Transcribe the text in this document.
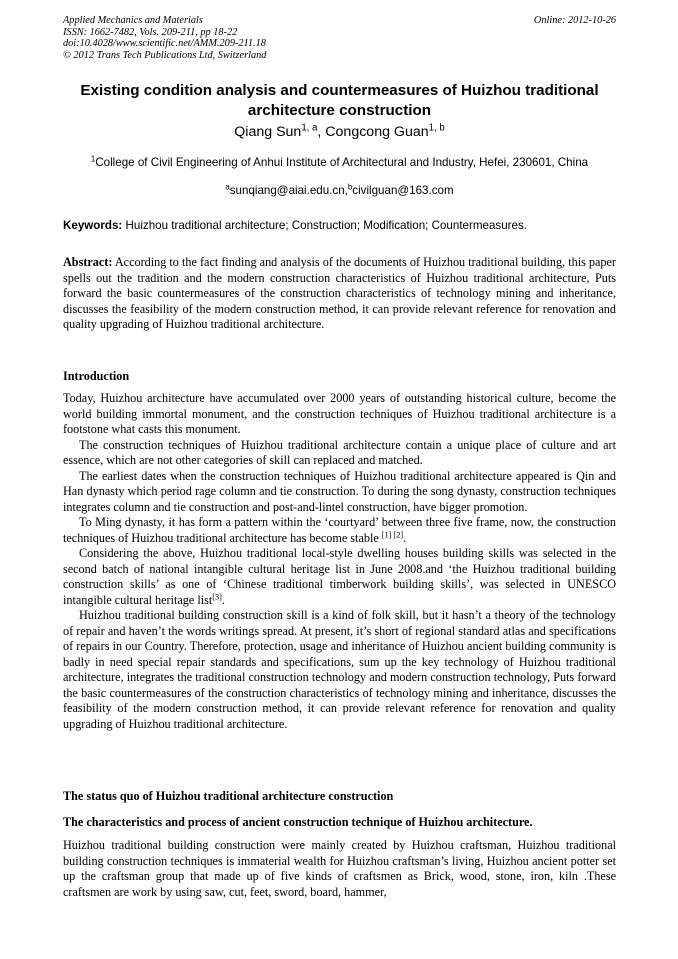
Applied Mechanics and Materials
ISSN: 1662-7482, Vols. 209-211, pp 18-22
doi:10.4028/www.scientific.net/AMM.209-211.18
© 2012 Trans Tech Publications Ltd, Switzerland
Online: 2012-10-26
Existing condition analysis and countermeasures of Huizhou traditional architecture construction
Qiang Sun$^{1, a}$, Congcong Guan$^{1, b}$
$^1$College of Civil Engineering of Anhui Institute of Architectural and Industry, Hefei, 230601, China
$^a$sunqiang@aiai.edu.cn,$^b$civilguan@163.com
Keywords: Huizhou traditional architecture; Construction; Modification; Countermeasures.

Abstract: According to the fact finding and analysis of the documents of Huizhou traditional building, this paper spells out the tradition and the modern construction characteristics of Huizhou traditional architecture, Puts forward the basic countermeasures of the construction characteristics of technology mining and inheritance, discusses the feasibility of the modern construction method, it can provide relevant reference for renovation and quality upgrading of Huizhou traditional architecture.

Introduction

Today, Huizhou architecture have accumulated over 2000 years of outstanding historical culture, become the world building immortal monument, and the construction techniques of Huizhou traditional architecture is a footstone what casts this monument.

The construction techniques of Huizhou traditional architecture contain a unique place of culture and art essence, which are not other categories of skill can replaced and matched.

The earliest dates when the construction techniques of Huizhou traditional architecture appeared is Qin and Han dynasty which period rage column and tie construction. To during the song dynasty, construction techniques integrates column and tie construction and post-and-lintel construction, have bigger promotion.

To Ming dynasty, it has form a pattern within the ‘courtyard’ between three five frame, now, the construction techniques of Huizhou traditional architecture has become stable [1] [2].

Considering the above, Huizhou traditional local-style dwelling houses building skills was selected in the second batch of national intangible cultural heritage list in June 2008.and ‘the Huizhou traditional building construction skills’ as one of ‘Chinese traditional timberwork building skills’, was selected in UNESCO intangible cultural heritage list[3].

Huizhou traditional building construction skill is a kind of folk skill, but it hasn’t a theory of the technology of repair and haven’t the words writings spread. At present, it’s short of regional standard atlas and specifications of repairs in our Country. Therefore, protection, usage and inheritance of Huizhou ancient building community is badly in need special repair standards and specifications, sum up the key technology of Huizhou traditional architecture, integrates the traditional construction technology and modern construction technology, Puts forward the basic countermeasures of the construction characteristics of technology mining and inheritance, discusses the feasibility of the modern construction method, it can provide relevant reference for renovation and quality upgrading of Huizhou traditional architecture.

The status quo of Huizhou traditional architecture construction
The characteristics and process of ancient construction technique of Huizhou architecture.

Huizhou traditional building construction were mainly created by Huizhou craftsman, Huizhou traditional building construction techniques is immaterial wealth for Huizhou craftsman’s living, Huizhou ancient potter set up the craftsman group that made up of five kinds of craftsmen as Brick, wood, stone, iron, kiln .These craftsmen are work by using saw, cut, feet, sword, board, hammer,
